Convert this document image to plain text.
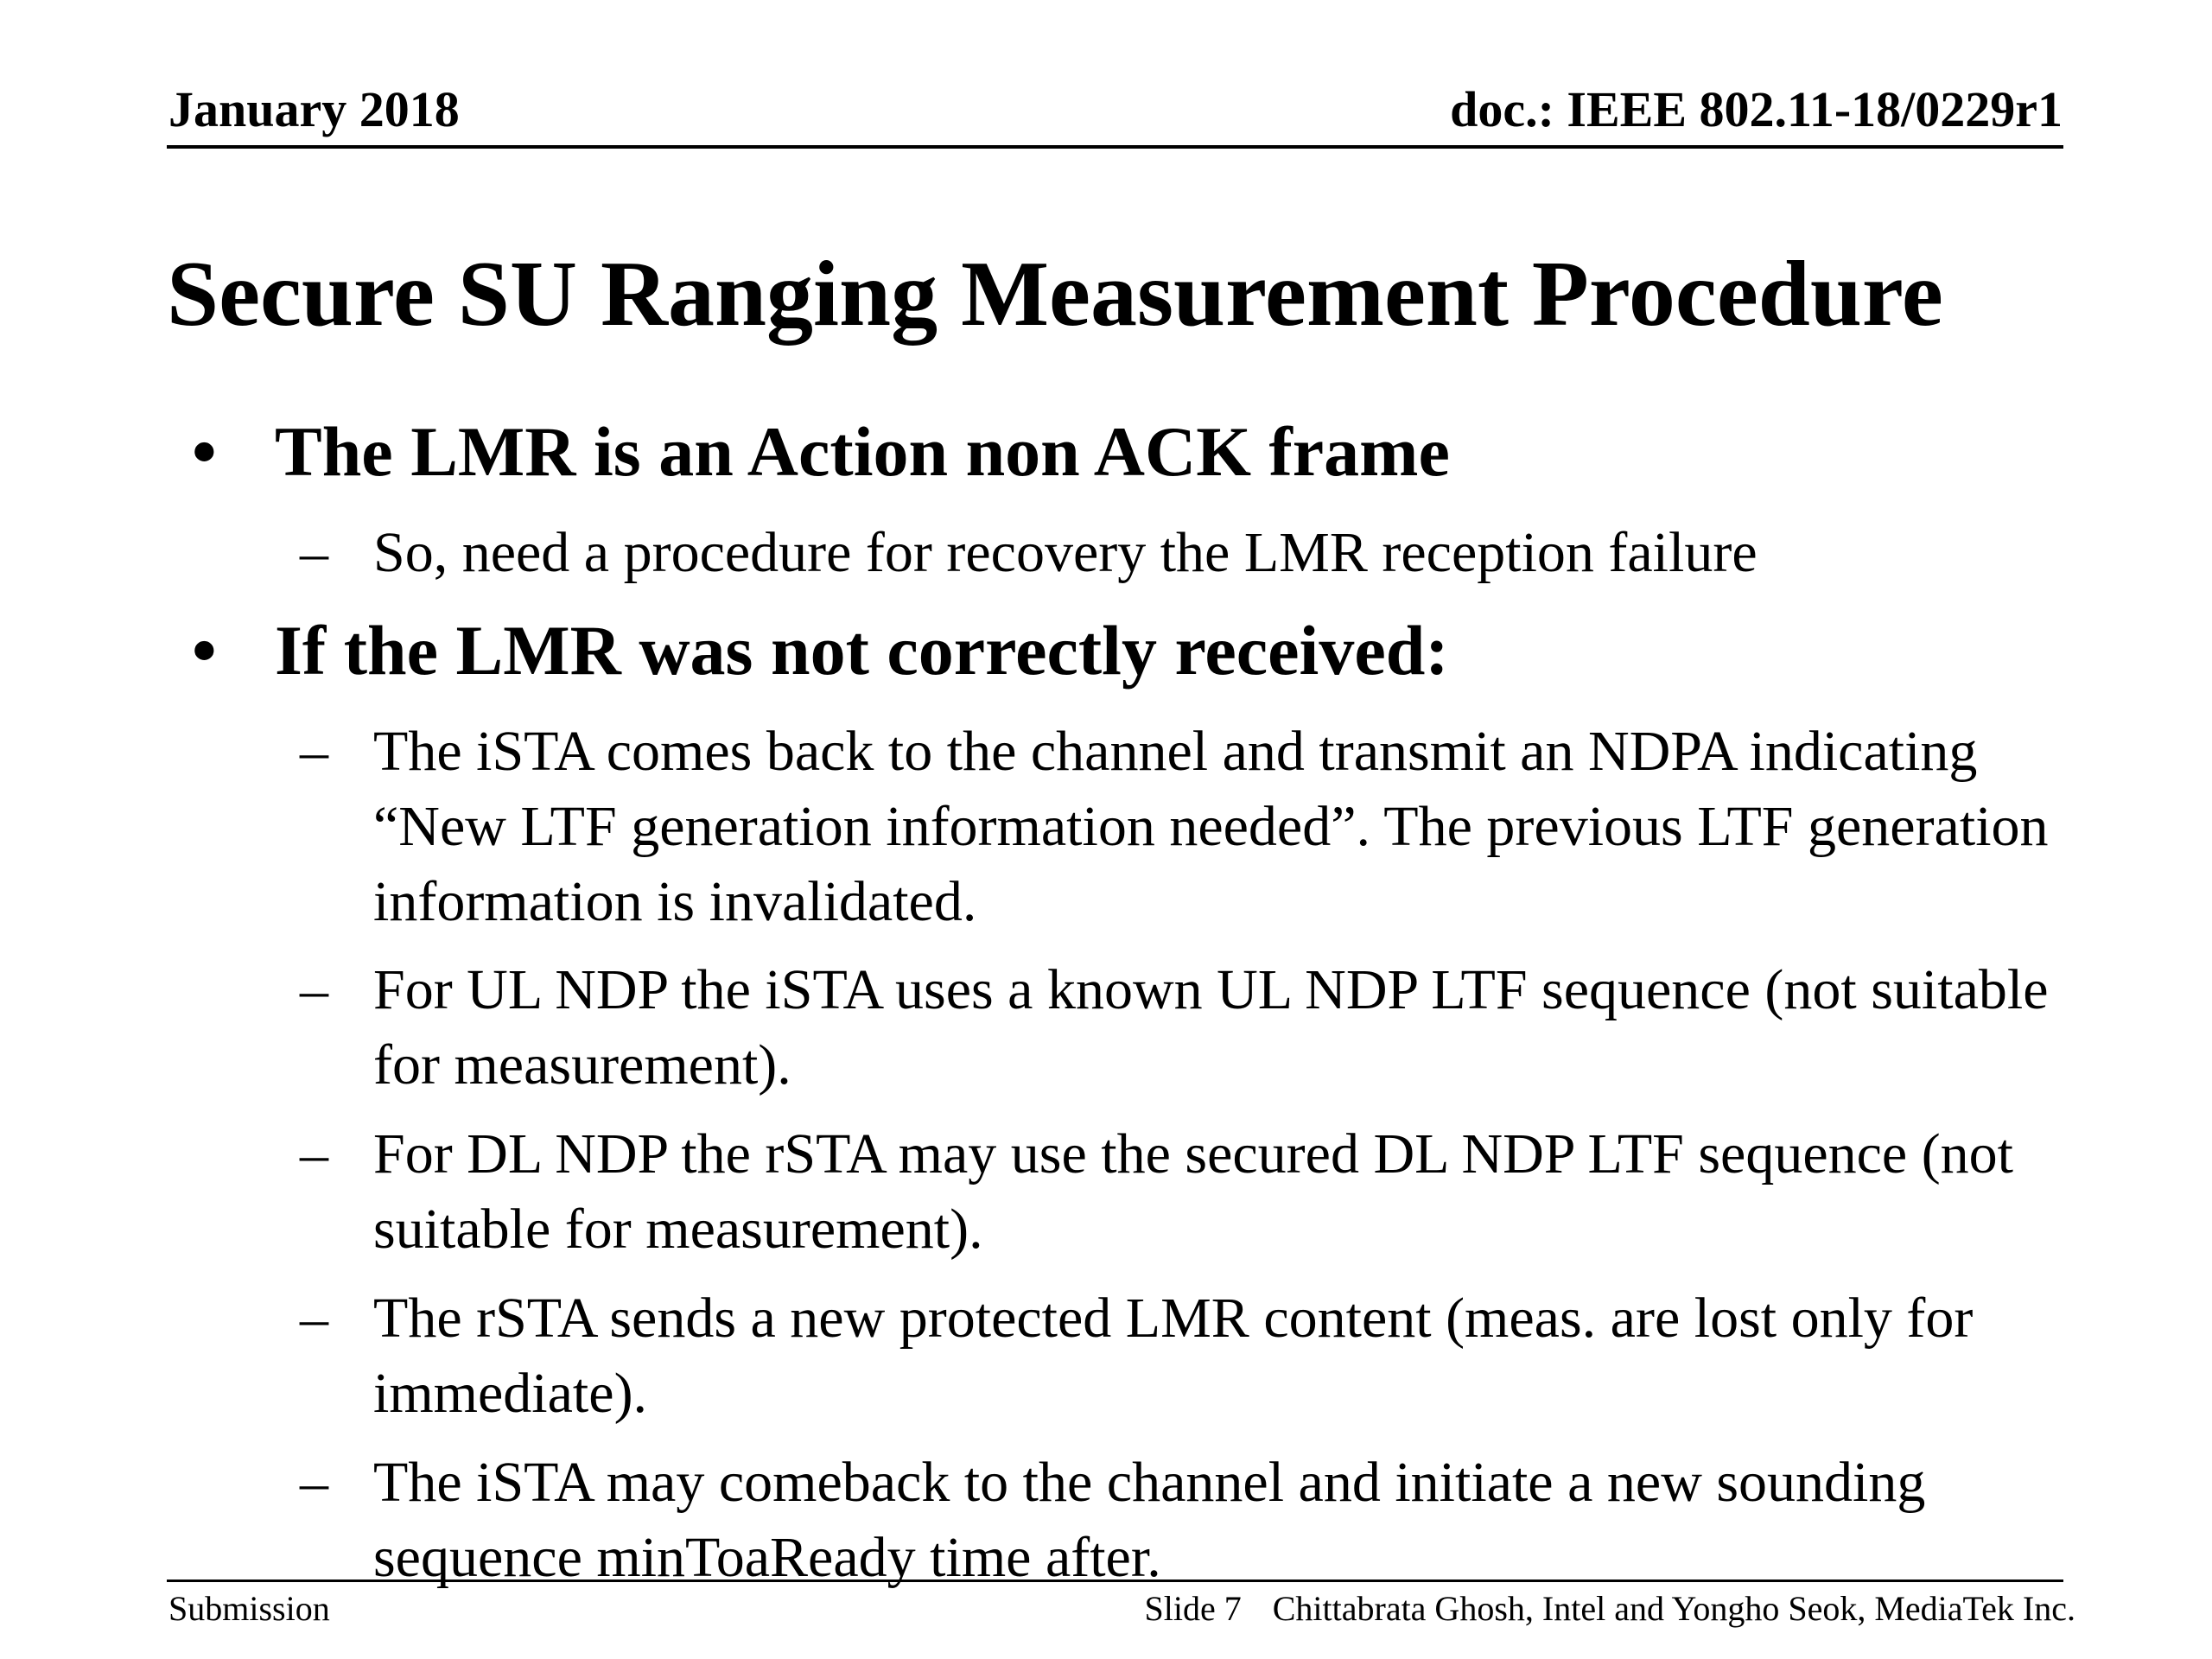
January 2018	doc.: IEEE 802.11-18/0229r1
Secure SU Ranging Measurement Procedure
• The LMR is an Action non ACK frame
– So, need a procedure for recovery the LMR reception failure
• If the LMR was not correctly received:
– The iSTA comes back to the channel and transmit an NDPA indicating “New LTF generation information needed”. The previous LTF generation information is invalidated.
– For UL NDP the iSTA uses a known UL NDP LTF sequence (not suitable for measurement).
– For DL NDP the rSTA may use the secured DL NDP LTF sequence (not suitable for measurement).
– The rSTA sends a new protected LMR content (meas. are lost only for immediate).
– The iSTA may comeback to the channel and initiate a new sounding sequence minToaReady time after.
Submission	Slide 7 Chittabrata Ghosh, Intel and Yongho Seok, MediaTek Inc.
